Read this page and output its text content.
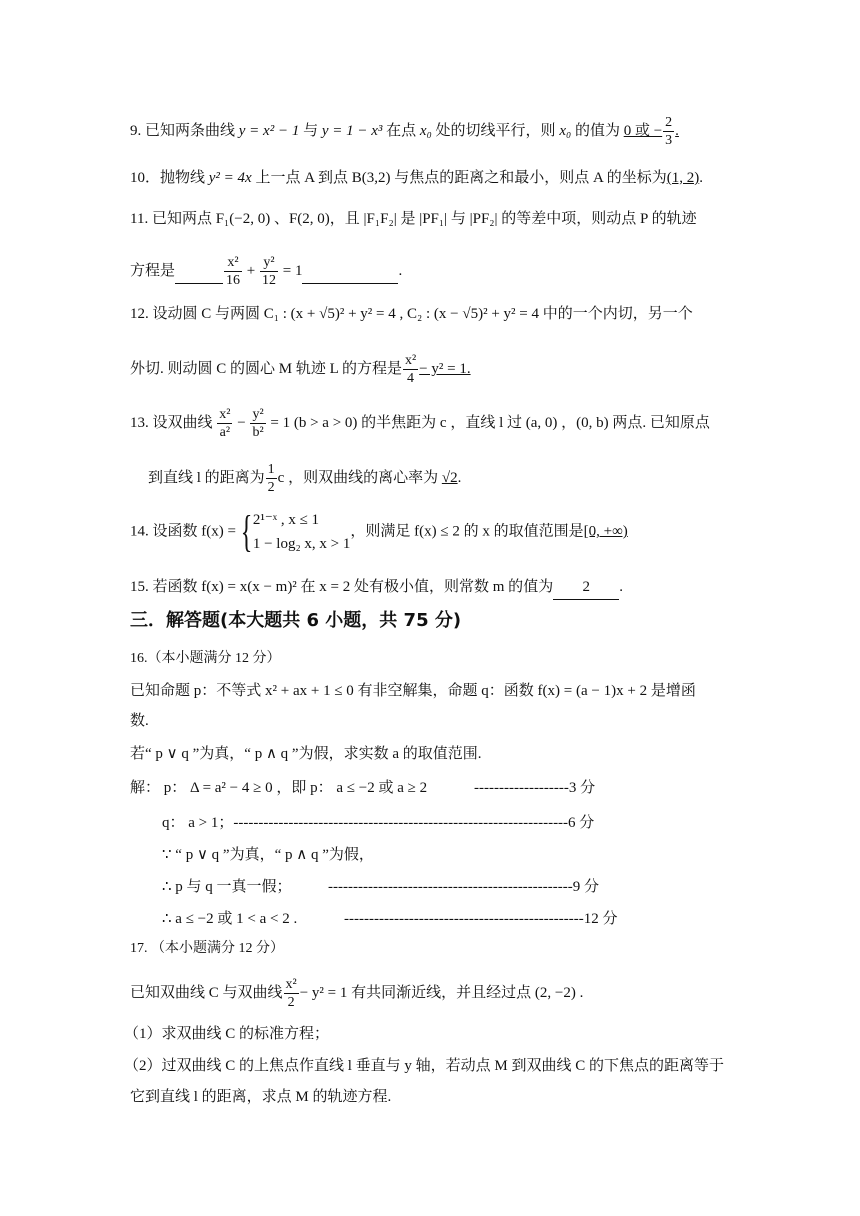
9. 已知两条曲线 y = x² − 1 与 y = 1 − x³ 在点 x₀ 处的切线平行，则 x₀ 的值为 0 或 − $\frac{2}{3}$ .
10．抛物线 y² = 4x 上一点 A 到点 B(3,2) 与焦点的距离之和最小，则点 A 的坐标为(1, 2).
11. 已知两点 F₁(−2, 0) 、F(2, 0)，且 |F₁F₂| 是 |PF₁| 与 |PF₂| 的等差中项，则动点 P 的轨迹
方程是	$\frac{\text{x²}}{16} + \frac{\text{y²}}{12} = 1$	.
12. 设动圆 C 与两圆 C₁ : (x + √5)² + y² = 4 , C₂ : (x − √5)² + y² = 4 中的一个内切，另一个
外切. 则动圆 C 的圆心 M 轨迹 L 的方程是 $\frac{\text{x²}}{4} - y^2 = 1$.
13. 设双曲线 $\frac{\text{x²}}{\text{a²}} - \frac{\text{y²}}{\text{b²}} = 1$ (b > a > 0) 的半焦距为 c ，直线 l 过 (a, 0) ，(0, b) 两点. 已知原点
到直线 l 的距离为 $\frac{1}{2}$ c ，则双曲线的离心率为 √2.
14. 设函数 f(x) = { 2¹⁻ˣ , x ≤ 1
1 − log₂ x, x > 1
，则满足 f(x) ≤ 2 的 x 的取值范围是[0, +∞)
15. 若函数 f(x) = x(x − m)² 在 x = 2 处有极小值，则常数 m 的值为 2 .
三．解答题(本大题共 6 小题，共 75 分)
16.（本小题满分 12 分）
已知命题 p：不等式 x² + ax + 1 ≤ 0 有非空解集，命题 q：函数 f(x) = (a − 1)x + 2 是增函
数.
若“ p ∨ q ”为真，“ p ∧ q ”为假，求实数 a 的取值范围.
解： p： Δ = a² − 4 ≥ 0 ，即 p： a ≤ −2 或 a ≥ 2	-------------------3 分
q： a > 1；-------------------------------------------------------------------6 分
∵ “ p ∨ q ”为真，“ p ∧ q ”为假，
∴ p 与 q 一真一假； -------------------------------------------------9 分
∴ a ≤ −2 或 1 < a < 2 .	------------------------------------------------12 分
17. （本小题满分 12 分）
已知双曲线 C 与双曲线 $\frac{\text{x²}}{2} - y^2 = 1$ 有共同渐近线，并且经过点 (2, −2) .
（1）求双曲线 C 的标准方程；
（2）过双曲线 C 的上焦点作直线 l 垂直与 y 轴，若动点 M 到双曲线 C 的下焦点的距离等于
它到直线 l 的距离，求点 M 的轨迹方程.
